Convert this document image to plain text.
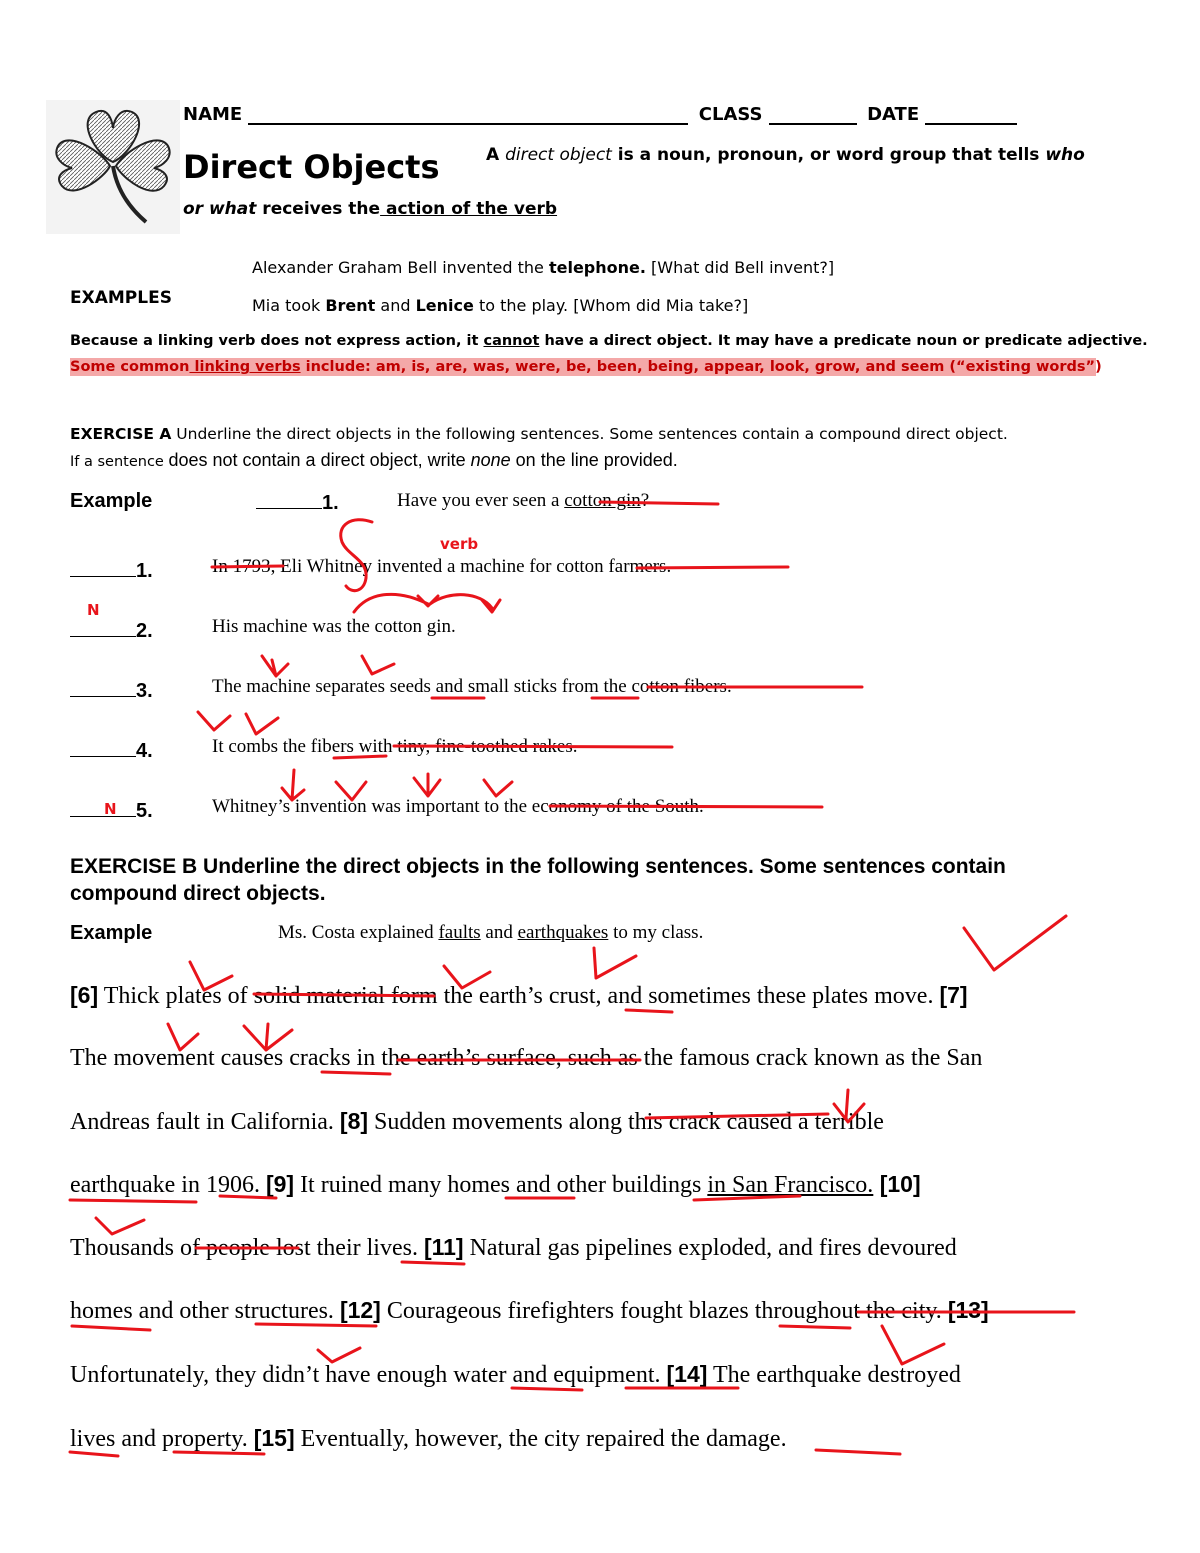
NAME	CLASS	DATE
Direct Objects	A direct object is a noun, pronoun, or word group that tells who
or what receives the action of the verb
Alexander Graham Bell invented the telephone. [What did Bell invent?]
EXAMPLES	Mia took Brent and Lenice to the play. [Whom did Mia take?]
Because a linking verb does not express action, it cannot have a direct object. It may have a predicate noun or predicate adjective.
Some common linking verbs include: am, is, are, was, were, be, been, being, appear, look, grow, and seem (“existing words”)
EXERCISE A Underline the direct objects in the following sentences. Some sentences contain a compound direct object.
If a sentence does not contain a direct object, write none on the line provided.
Example	1.	Have you ever seen a cotton gin?
1.	In 1793, Eli Whitney invented a machine for cotton farmers.
2.	His machine was the cotton gin.
3.	The machine separates seeds and small sticks from the cotton fibers.
4.	It combs the fibers with tiny, fine-toothed rakes.
5.	Whitney’s invention was important to the economy of the South.
N
N
verb
EXERCISE B Underline the direct objects in the following sentences. Some sentences contain
compound direct objects.
Example	Ms. Costa explained faults and earthquakes to my class.
[6] Thick plates of solid material form the earth’s crust, and sometimes these plates move. [7]
The movement causes cracks in the earth’s surface, such as the famous crack known as the San
Andreas fault in California. [8] Sudden movements along this crack caused a terrible
earthquake in 1906. [9] It ruined many homes and other buildings in San Francisco. [10]
Thousands of people lost their lives. [11] Natural gas pipelines exploded, and fires devoured
homes and other structures. [12] Courageous firefighters fought blazes throughout the city. [13]
Unfortunately, they didn’t have enough water and equipment. [14] The earthquake destroyed
lives and property. [15] Eventually, however, the city repaired the damage.
